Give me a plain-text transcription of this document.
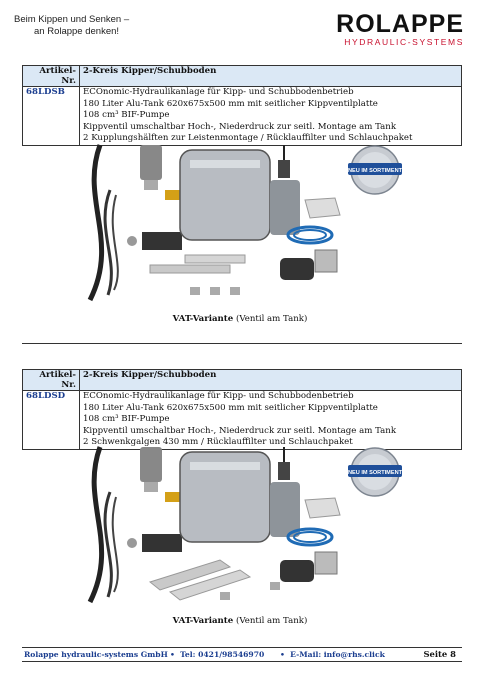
Beim Kippen und Senken –
an Rolappe denken!	ROLAPPE
HYDRAULIC-SYSTEMS
Artikel-Nr.	2-Kreis Kipper/Schubboden
68LDSB	ECOnomic-Hydraulikanlage für Kipp- und Schubbodenbetrieb
180 Liter Alu-Tank 620x675x500 mm mit seitlicher Kippventilplatte
108 cm³ BIF-Pumpe
Kippventil umschaltbar Hoch-, Niederdruck zur seitl. Montage am Tank
2 Kupplungshälften zur Leistenmontage / Rücklauffilter und Schlauchpaket
NEU IM SORTIMENT
VAT-Variante (Ventil am Tank)
Artikel-Nr.	2-Kreis Kipper/Schubboden
68LDSD	ECOnomic-Hydraulikanlage für Kipp- und Schubbodenbetrieb
180 Liter Alu-Tank 620x675x500 mm mit seitlicher Kippventilplatte
108 cm³ BIF-Pumpe
Kippventil umschaltbar Hoch-, Niederdruck zur seitl. Montage am Tank
2 Schwenkgalgen 430 mm / Rücklauffilter und Schlauchpaket
NEU IM SORTIMENT
VAT-Variante (Ventil am Tank)
Rolappe hydraulic-systems GmbH • Tel: 0421/98546970 • E-Mail: info@rhs.click	Seite 8
